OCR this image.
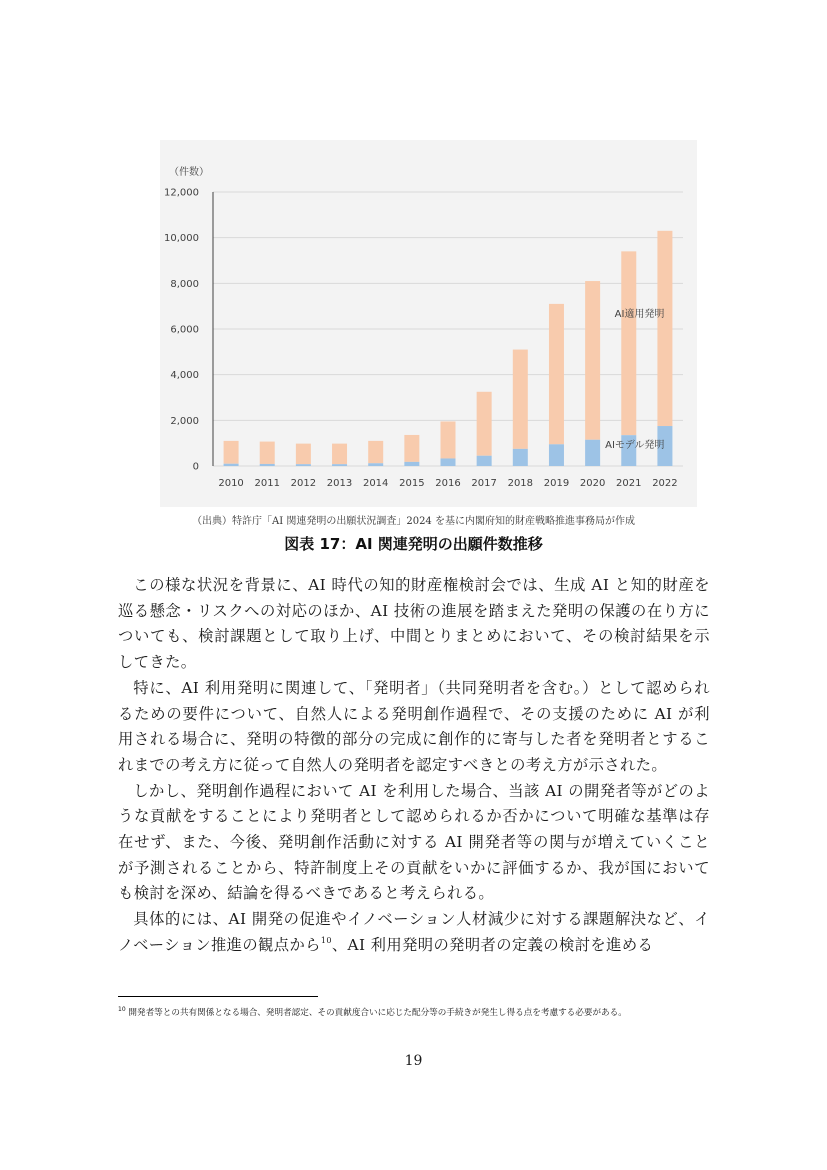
0
2,000
4,000
6,000
8,000
10,000
12,000
（件数）
2010 2011 2012 2013 2014 2015 2016 2017 2018 2019 2020 2021 2022
AI適用発明
AIモデル発明
（出典）特許庁「AI 関連発明の出願状況調査」2024 を基に内閣府知的財産戦略推進事務局が作成
図表 17：AI 関連発明の出願件数推移

この様な状況を背景に、AI 時代の知的財産権検討会では、生成 AI と知的財産を巡る懸念・リスクへの対応のほか、AI 技術の進展を踏まえた発明の保護の在り方についても、検討課題として取り上げ、中間とりまとめにおいて、その検討結果を示してきた。

特に、AI 利用発明に関連して、「発明者」（共同発明者を含む。）として認められるための要件について、自然人による発明創作過程で、その支援のために AI が利用される場合に、発明の特徴的部分の完成に創作的に寄与した者を発明者とするこれまでの考え方に従って自然人の発明者を認定すべきとの考え方が示された。

しかし、発明創作過程において AI を利用した場合、当該 AI の開発者等がどのような貢献をすることにより発明者として認められるか否かについて明確な基準は存在せず、また、今後、発明創作活動に対する AI 開発者等の関与が増えていくことが予測されることから、特許制度上その貢献をいかに評価するか、我が国においても検討を深め、結論を得るべきであると考えられる。

具体的には、AI 開発の促進やイノベーション人材減少に対する課題解決など、イノベーション推進の観点から$^{10}$、AI 利用発明の発明者の定義の検討を進める

$^{10}$ 開発者等との共有関係となる場合、発明者認定、その貢献度合いに応じた配分等の手続きが発生し得る点を考慮する必要がある。
19
